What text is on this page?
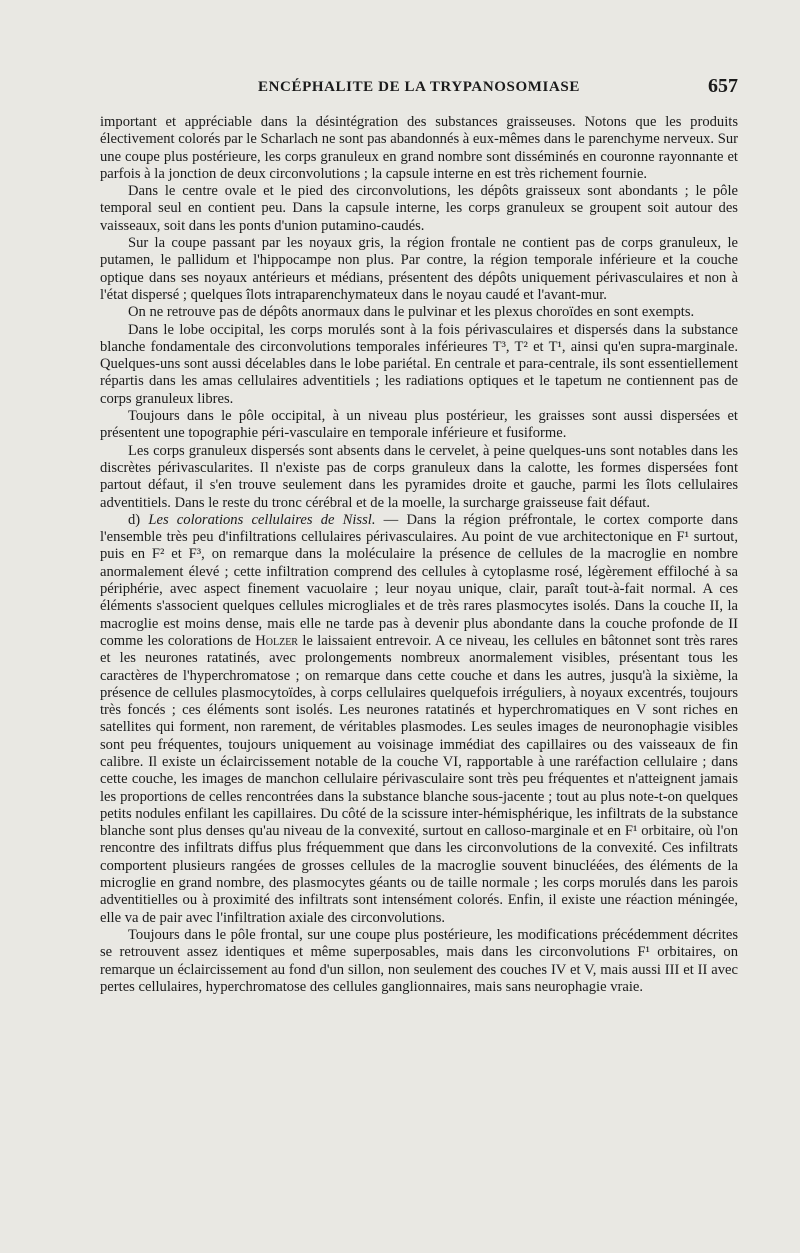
ENCÉPHALITE DE LA TRYPANOSOMIASE	657

important et appréciable dans la désintégration des substances graisseuses. Notons que les produits électivement colorés par le Scharlach ne sont pas abandonnés à eux-mêmes dans le parenchyme nerveux. Sur une coupe plus postérieure, les corps granuleux en grand nombre sont disséminés en couronne rayonnante et parfois à la jonction de deux circonvolutions ; la capsule interne en est très richement fournie.

Dans le centre ovale et le pied des circonvolutions, les dépôts graisseux sont abondants ; le pôle temporal seul en contient peu. Dans la capsule interne, les corps granuleux se groupent soit autour des vaisseaux, soit dans les ponts d'union putamino-caudés.

Sur la coupe passant par les noyaux gris, la région frontale ne contient pas de corps granuleux, le putamen, le pallidum et l'hippocampe non plus. Par contre, la région temporale inférieure et la couche optique dans ses noyaux antérieurs et médians, présentent des dépôts uniquement périvasculaires et non à l'état dispersé ; quelques îlots intraparenchymateux dans le noyau caudé et l'avant-mur.

On ne retrouve pas de dépôts anormaux dans le pulvinar et les plexus choroïdes en sont exempts.

Dans le lobe occipital, les corps morulés sont à la fois périvasculaires et dispersés dans la substance blanche fondamentale des circonvolutions temporales inférieures T³, T² et T¹, ainsi qu'en supra-marginale. Quelques-uns sont aussi décelables dans le lobe pariétal. En centrale et para-centrale, ils sont essentiellement répartis dans les amas cellulaires adventitiels ; les radiations optiques et le tapetum ne contiennent pas de corps granuleux libres.

Toujours dans le pôle occipital, à un niveau plus postérieur, les graisses sont aussi dispersées et présentent une topographie péri-vasculaire en temporale inférieure et fusiforme.

Les corps granuleux dispersés sont absents dans le cervelet, à peine quelques-uns sont notables dans les discrètes périvascularites. Il n'existe pas de corps granuleux dans la calotte, les formes dispersées font partout défaut, il s'en trouve seulement dans les pyramides droite et gauche, parmi les îlots cellulaires adventitiels. Dans le reste du tronc cérébral et de la moelle, la surcharge graisseuse fait défaut.

d) Les colorations cellulaires de Nissl. — Dans la région préfrontale, le cortex comporte dans l'ensemble très peu d'infiltrations cellulaires périvasculaires. Au point de vue architectonique en F¹ surtout, puis en F² et F³, on remarque dans la moléculaire la présence de cellules de la macroglie en nombre anormalement élevé ; cette infiltration comprend des cellules à cytoplasme rosé, légèrement effiloché à sa périphérie, avec aspect finement vacuolaire ; leur noyau unique, clair, paraît tout-à-fait normal. A ces éléments s'associent quelques cellules microgliales et de très rares plasmocytes isolés. Dans la couche II, la macroglie est moins dense, mais elle ne tarde pas à devenir plus abondante dans la couche profonde de II comme les colorations de Holzer le laissaient entrevoir. A ce niveau, les cellules en bâtonnet sont très rares et les neurones ratatinés, avec prolongements nombreux anormalement visibles, présentant tous les caractères de l'hyperchromatose ; on remarque dans cette couche et dans les autres, jusqu'à la sixième, la présence de cellules plasmocytoïdes, à corps cellulaires quelquefois irréguliers, à noyaux excentrés, toujours très foncés ; ces éléments sont isolés. Les neurones ratatinés et hyperchromatiques en V sont riches en satellites qui forment, non rarement, de véritables plasmodes. Les seules images de neuronophagie visibles sont peu fréquentes, toujours uniquement au voisinage immédiat des capillaires ou des vaisseaux de fin calibre. Il existe un éclaircissement notable de la couche VI, rapportable à une raréfaction cellulaire ; dans cette couche, les images de manchon cellulaire périvasculaire sont très peu fréquentes et n'atteignent jamais les proportions de celles rencontrées dans la substance blanche sous-jacente ; tout au plus note-t-on quelques petits nodules enfilant les capillaires. Du côté de la scissure inter-hémisphérique, les infiltrats de la substance blanche sont plus denses qu'au niveau de la convexité, surtout en calloso-marginale et en F¹ orbitaire, où l'on rencontre des infiltrats diffus plus fréquemment que dans les circonvolutions de la convexité. Ces infiltrats comportent plusieurs rangées de grosses cellules de la macroglie souvent binucléées, des éléments de la microglie en grand nombre, des plasmocytes géants ou de taille normale ; les corps morulés dans les parois adventitielles ou à proximité des infiltrats sont intensément colorés. Enfin, il existe une réaction méningée, elle va de pair avec l'infiltration axiale des circonvolutions.

Toujours dans le pôle frontal, sur une coupe plus postérieure, les modifications précédemment décrites se retrouvent assez identiques et même superposables, mais dans les circonvolutions F¹ orbitaires, on remarque un éclaircissement au fond d'un sillon, non seulement des couches IV et V, mais aussi III et II avec pertes cellulaires, hyperchromatose des cellules ganglionnaires, mais sans neurophagie vraie.
